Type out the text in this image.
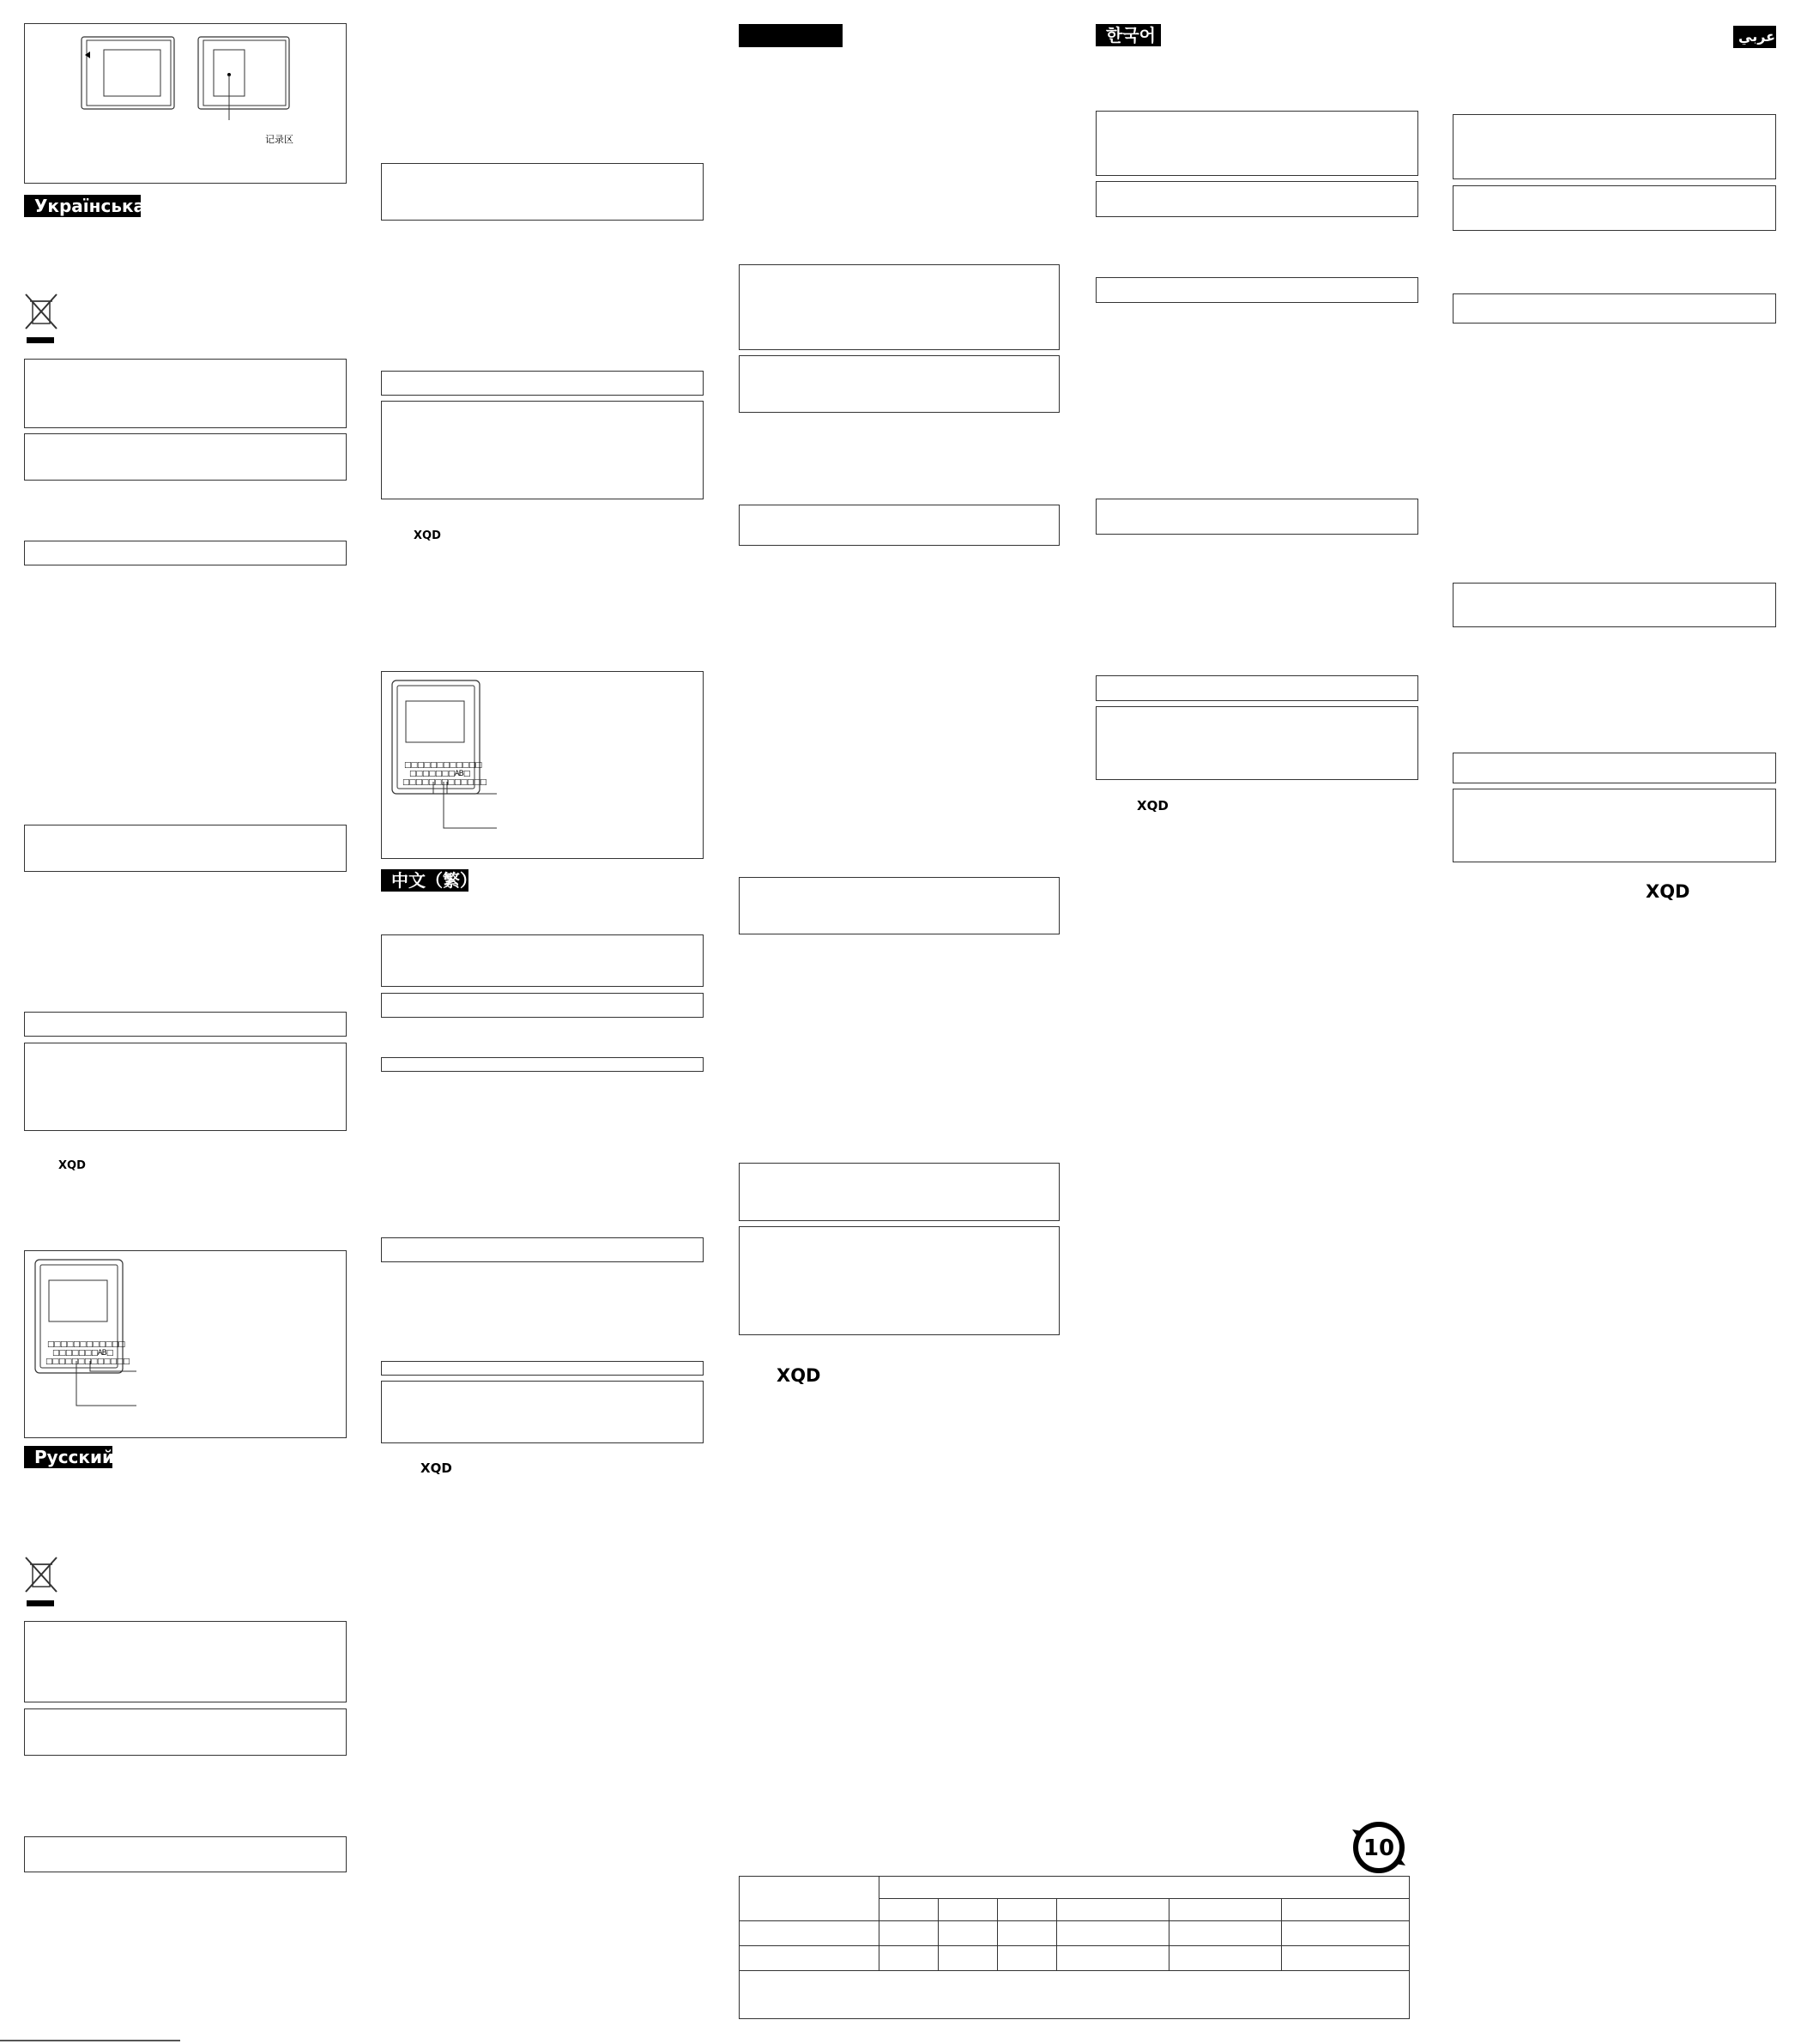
记录区
Українська
XQD
□□□□□□□□□□□□
□□□□□□□AB□
□□□□□□□□□□□□□
Русский
XQD
□□□□□□□□□□□□
□□□□□□□AB□
□□□□□□□□□□□□□
中文（繁）
XQD
XQD
10

한국어
XQD
عربي
XQD
